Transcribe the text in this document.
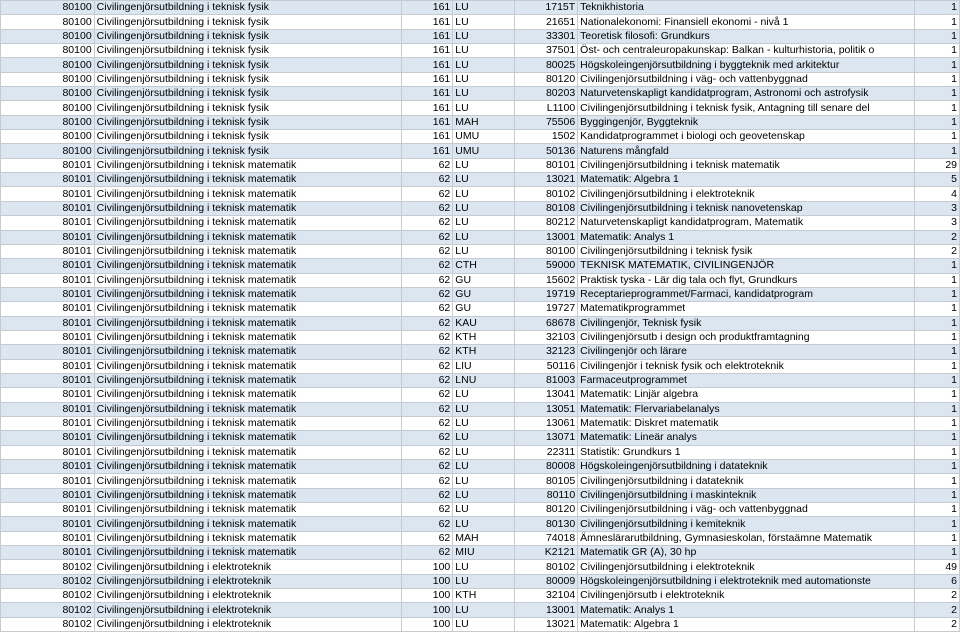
80100	Civilingenjörsutbildning i teknisk fysik	161	LU	1715T	Teknikhistoria	1
80100	Civilingenjörsutbildning i teknisk fysik	161	LU	21651	Nationalekonomi: Finansiell ekonomi - nivå 1	1
80100	Civilingenjörsutbildning i teknisk fysik	161	LU	33301	Teoretisk filosofi: Grundkurs	1
80100	Civilingenjörsutbildning i teknisk fysik	161	LU	37501	Öst- och centraleuropakunskap: Balkan - kulturhistoria, politik o	1
80100	Civilingenjörsutbildning i teknisk fysik	161	LU	80025	Högskoleingenjörsutbildning i byggteknik med arkitektur	1
80100	Civilingenjörsutbildning i teknisk fysik	161	LU	80120	Civilingenjörsutbildning i väg- och vattenbyggnad	1
80100	Civilingenjörsutbildning i teknisk fysik	161	LU	80203	Naturvetenskapligt kandidatprogram, Astronomi och astrofysik	1
80100	Civilingenjörsutbildning i teknisk fysik	161	LU	L1100	Civilingenjörsutbildning i teknisk fysik, Antagning till senare del	1
80100	Civilingenjörsutbildning i teknisk fysik	161	MAH	75506	Byggingenjör, Byggteknik	1
80100	Civilingenjörsutbildning i teknisk fysik	161	UMU	1502	Kandidatprogrammet i biologi och geovetenskap	1
80100	Civilingenjörsutbildning i teknisk fysik	161	UMU	50136	Naturens mångfald	1
80101	Civilingenjörsutbildning i teknisk matematik	62	LU	80101	Civilingenjörsutbildning i teknisk matematik	29
80101	Civilingenjörsutbildning i teknisk matematik	62	LU	13021	Matematik: Algebra 1	5
80101	Civilingenjörsutbildning i teknisk matematik	62	LU	80102	Civilingenjörsutbildning i elektroteknik	4
80101	Civilingenjörsutbildning i teknisk matematik	62	LU	80108	Civilingenjörsutbildning i teknisk nanovetenskap	3
80101	Civilingenjörsutbildning i teknisk matematik	62	LU	80212	Naturvetenskapligt kandidatprogram, Matematik	3
80101	Civilingenjörsutbildning i teknisk matematik	62	LU	13001	Matematik: Analys 1	2
80101	Civilingenjörsutbildning i teknisk matematik	62	LU	80100	Civilingenjörsutbildning i teknisk fysik	2
80101	Civilingenjörsutbildning i teknisk matematik	62	CTH	59000	TEKNISK MATEMATIK, CIVILINGENJÖR	1
80101	Civilingenjörsutbildning i teknisk matematik	62	GU	15602	Praktisk tyska - Lär dig tala och flyt, Grundkurs	1
80101	Civilingenjörsutbildning i teknisk matematik	62	GU	19719	Receptarieprogrammet/Farmaci, kandidatprogram	1
80101	Civilingenjörsutbildning i teknisk matematik	62	GU	19727	Matematikprogrammet	1
80101	Civilingenjörsutbildning i teknisk matematik	62	KAU	68678	Civilingenjör, Teknisk fysik	1
80101	Civilingenjörsutbildning i teknisk matematik	62	KTH	32103	Civilingenjörsutb i design och produktframtagning	1
80101	Civilingenjörsutbildning i teknisk matematik	62	KTH	32123	Civilingenjör och lärare	1
80101	Civilingenjörsutbildning i teknisk matematik	62	LIU	50116	Civilingenjör i teknisk fysik och elektroteknik	1
80101	Civilingenjörsutbildning i teknisk matematik	62	LNU	81003	Farmaceutprogrammet	1
80101	Civilingenjörsutbildning i teknisk matematik	62	LU	13041	Matematik: Linjär algebra	1
80101	Civilingenjörsutbildning i teknisk matematik	62	LU	13051	Matematik: Flervariabelanalys	1
80101	Civilingenjörsutbildning i teknisk matematik	62	LU	13061	Matematik: Diskret matematik	1
80101	Civilingenjörsutbildning i teknisk matematik	62	LU	13071	Matematik: Lineär analys	1
80101	Civilingenjörsutbildning i teknisk matematik	62	LU	22311	Statistik: Grundkurs 1	1
80101	Civilingenjörsutbildning i teknisk matematik	62	LU	80008	Högskoleingenjörsutbildning i datateknik	1
80101	Civilingenjörsutbildning i teknisk matematik	62	LU	80105	Civilingenjörsutbildning i datateknik	1
80101	Civilingenjörsutbildning i teknisk matematik	62	LU	80110	Civilingenjörsutbildning i maskinteknik	1
80101	Civilingenjörsutbildning i teknisk matematik	62	LU	80120	Civilingenjörsutbildning i väg- och vattenbyggnad	1
80101	Civilingenjörsutbildning i teknisk matematik	62	LU	80130	Civilingenjörsutbildning i kemiteknik	1
80101	Civilingenjörsutbildning i teknisk matematik	62	MAH	74018	Ämneslärarutbildning, Gymnasieskolan, förstaämne Matematik	1
80101	Civilingenjörsutbildning i teknisk matematik	62	MIU	K2121	Matematik GR (A), 30 hp	1
80102	Civilingenjörsutbildning i elektroteknik	100	LU	80102	Civilingenjörsutbildning i elektroteknik	49
80102	Civilingenjörsutbildning i elektroteknik	100	LU	80009	Högskoleingenjörsutbildning i elektroteknik med automationste	6
80102	Civilingenjörsutbildning i elektroteknik	100	KTH	32104	Civilingenjörsutb i elektroteknik	2
80102	Civilingenjörsutbildning i elektroteknik	100	LU	13001	Matematik: Analys 1	2
80102	Civilingenjörsutbildning i elektroteknik	100	LU	13021	Matematik: Algebra 1	2
